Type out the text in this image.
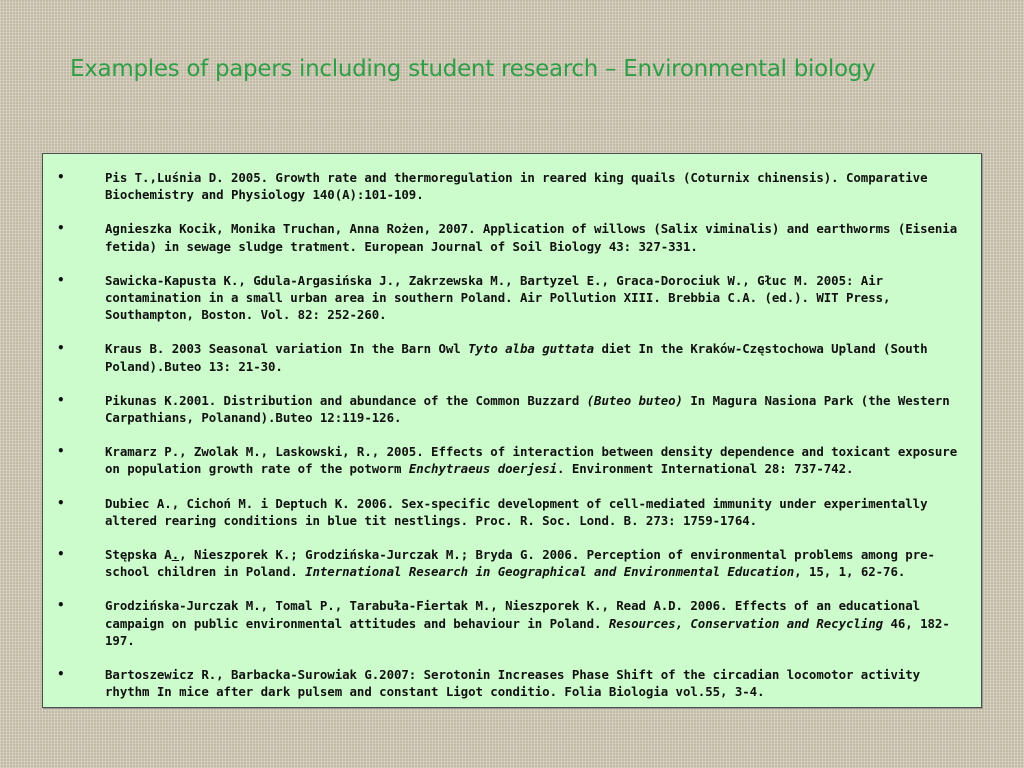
Examples of papers including student research – Environmental biology
•	Pis T.,Luśnia D. 2005. Growth rate and thermoregulation in reared king quails (Coturnix chinensis). Comparative Biochemistry and Physiology 140(A):101-109.
•	Agnieszka Kocik, Monika Truchan, Anna Rożen, 2007. Application of willows (Salix viminalis) and earthworms (Eisenia fetida) in sewage sludge tratment. European Journal of Soil Biology 43: 327-331.
•	Sawicka-Kapusta K., Gdula-Argasińska J., Zakrzewska M., Bartyzel E., Graca-Dorociuk W., Głuc M. 2005: Air contamination in a small urban area in southern Poland. Air Pollution XIII. Brebbia C.A. (ed.). WIT Press, Southampton, Boston. Vol. 82: 252-260.
•	Kraus B. 2003 Seasonal variation In the Barn Owl Tyto alba guttata diet In the Kraków-Częstochowa Upland (South Poland).Buteo 13: 21-30.
•	Pikunas K.2001. Distribution and abundance of the Common Buzzard (Buteo buteo) In Magura Nasiona Park (the Western Carpathians, Polanand).Buteo 12:119-126.
•	Kramarz P., Zwolak M., Laskowski, R., 2005. Effects of interaction between density dependence and toxicant exposure on population growth rate of the potworm Enchytraeus doerjesi. Environment International 28: 737-742.
•	Dubiec A., Cichoń M. i Deptuch K. 2006. Sex-specific development of cell-mediated immunity under experimentally altered rearing conditions in blue tit nestlings. Proc. R. Soc. Lond. B. 273: 1759-1764.
•	Stępska A., Nieszporek K.; Grodzińska-Jurczak M.; Bryda G. 2006. Perception of environmental problems among pre-school children in Poland. International Research in Geographical and Environmental Education, 15, 1, 62-76.
•	Grodzińska-Jurczak M., Tomal P., Tarabuła-Fiertak M., Nieszporek K., Read A.D. 2006. Effects of an educational campaign on public environmental attitudes and behaviour in Poland. Resources, Conservation and Recycling 46, 182-197.
•	Bartoszewicz R., Barbacka-Surowiak G.2007: Serotonin Increases Phase Shift of the circadian locomotor activity rhythm In mice after dark pulsem and constant Ligot conditio. Folia Biologia vol.55, 3-4.
